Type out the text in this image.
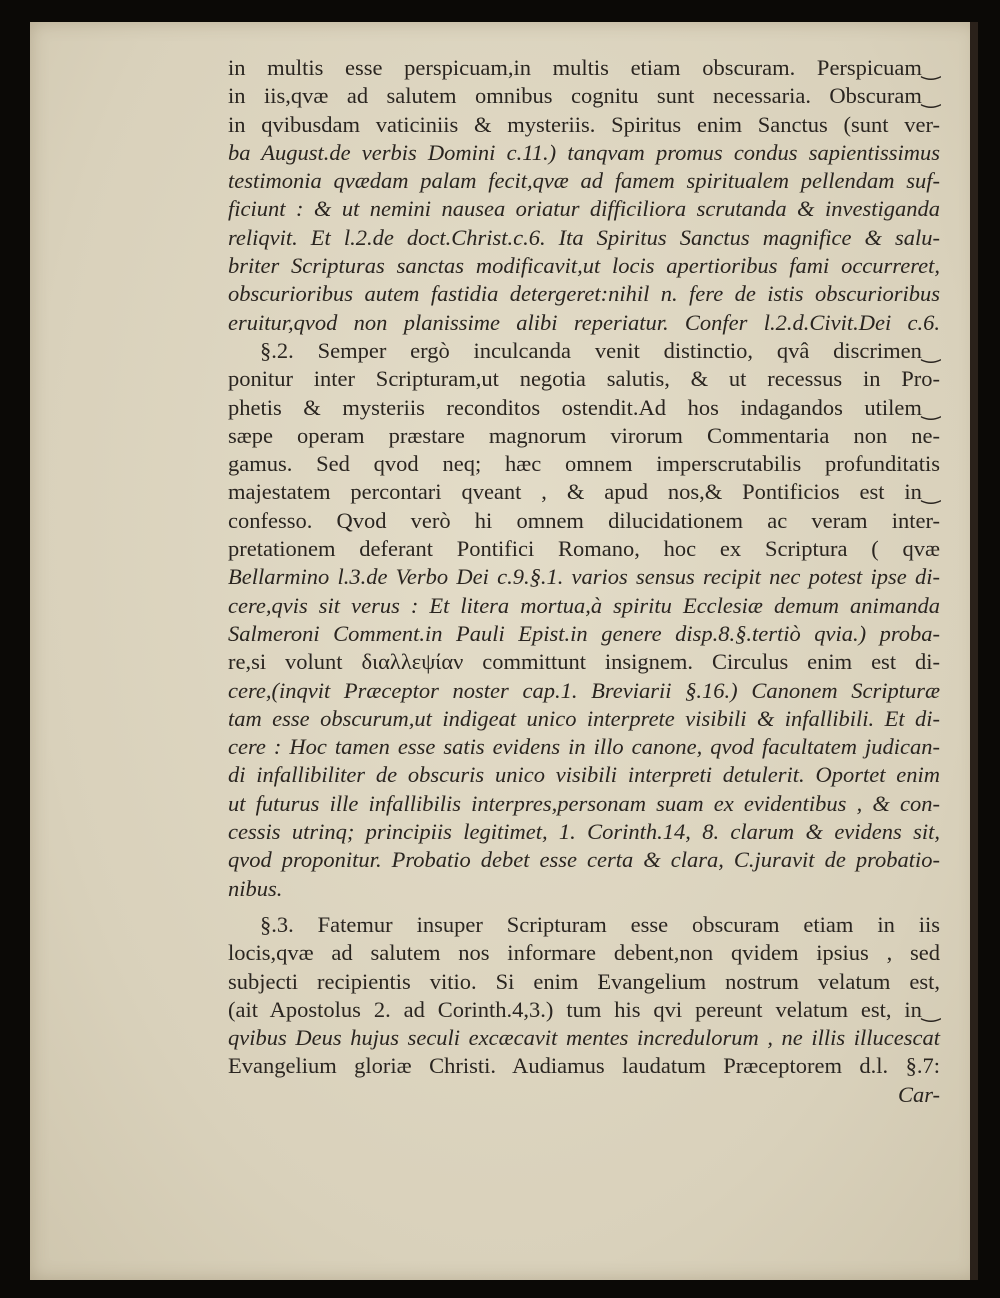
in multis esse perspicuam,in multis etiam obscuram. Perspicuam‿
in iis,qvæ ad salutem omnibus cognitu sunt necessaria. Obscuram‿
in qvibusdam vaticiniis & mysteriis. Spiritus enim Sanctus (sunt ver-
ba August.de verbis Domini c.11.) tanqvam promus condus sapientissimus
testimonia qvædam palam fecit,qvæ ad famem spiritualem pellendam suf-
ficiunt : & ut nemini nausea oriatur difficiliora scrutanda & investiganda
reliqvit. Et l.2.de doct.Christ.c.6. Ita Spiritus Sanctus magnifice & salu-
briter Scripturas sanctas modificavit,ut locis apertioribus fami occurreret,
obscurioribus autem fastidia detergeret:nihil n. fere de istis obscurioribus
eruitur,qvod non planissime alibi reperiatur. Confer l.2.d.Civit.Dei c.6.
§.2. Semper ergò inculcanda venit distinctio, qvâ discrimen‿
ponitur inter Scripturam,ut negotia salutis, & ut recessus in Pro-
phetis & mysteriis reconditos ostendit.Ad hos indagandos utilem‿
sæpe operam præstare magnorum virorum Commentaria non ne-
gamus. Sed qvod neq; hæc omnem imperscrutabilis profunditatis
majestatem percontari qveant , & apud nos,& Pontificios est in‿
confesso. Qvod verò hi omnem dilucidationem ac veram inter-
pretationem deferant Pontifici Romano, hoc ex Scriptura ( qvæ
Bellarmino l.3.de Verbo Dei c.9.§.1. varios sensus recipit nec potest ipse di-
cere,qvis sit verus : Et litera mortua,à spiritu Ecclesiæ demum animanda
Salmeroni Comment.in Pauli Epist.in genere disp.8.§.tertiò qvia.) proba-
re,si volunt διαλλεψίαν committunt insignem. Circulus enim est di-
cere,(inqvit Præceptor noster cap.1. Breviarii §.16.) Canonem Scripturæ
tam esse obscurum,ut indigeat unico interprete visibili & infallibili. Et di-
cere : Hoc tamen esse satis evidens in illo canone, qvod facultatem judican-
di infallibiliter de obscuris unico visibili interpreti detulerit. Oportet enim
ut futurus ille infallibilis interpres,personam suam ex evidentibus , & con-
cessis utrinq; principiis legitimet, 1. Corinth.14, 8. clarum & evidens sit,
qvod proponitur. Probatio debet esse certa & clara, C.juravit de probatio-
nibus.
§.3. Fatemur insuper Scripturam esse obscuram etiam in iis
locis,qvæ ad salutem nos informare debent,non qvidem ipsius , sed
subjecti recipientis vitio. Si enim Evangelium nostrum velatum est,
(ait Apostolus 2. ad Corinth.4,3.) tum his qvi pereunt velatum est, in‿
qvibus Deus hujus seculi excæcavit mentes incredulorum , ne illis illucescat
Evangelium gloriæ Christi. Audiamus laudatum Præceptorem d.l. §.7:
Car-
